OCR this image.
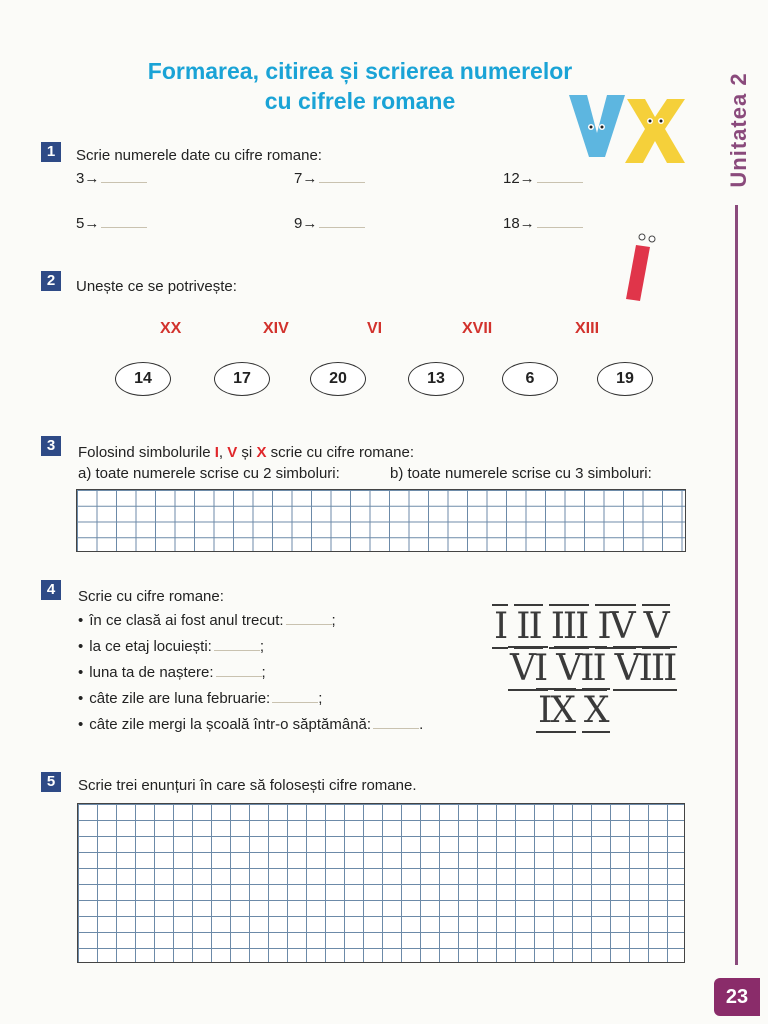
Formarea, citirea și scrierea numerelor
cu cifrele romane	Unitatea 2
23
1	Scrie numerele date cu cifre romane:
3→	7→	12→
5→	9→	18→
2	Unește ce se potrivește:
XX	XIV	VI	XVII	XIII
14	17	20	13	6	19
3	Folosind simbolurile I, V și X scrie cu cifre romane:
a) toate numerele scrise cu 2 simboluri:	b) toate numerele scrise cu 3 simboluri:
4	Scrie cu cifre romane:
• în ce clasă ai fost anul trecut:	;
• la ce etaj locuiești:	;
• luna ta de naștere:	;
• câte zile are luna februarie:	;
• câte zile mergi la școală într-o săptămână:	.
I II III IV V
VI VII VIII
IX X
5	Scrie trei enunțuri în care să folosești cifre romane.
